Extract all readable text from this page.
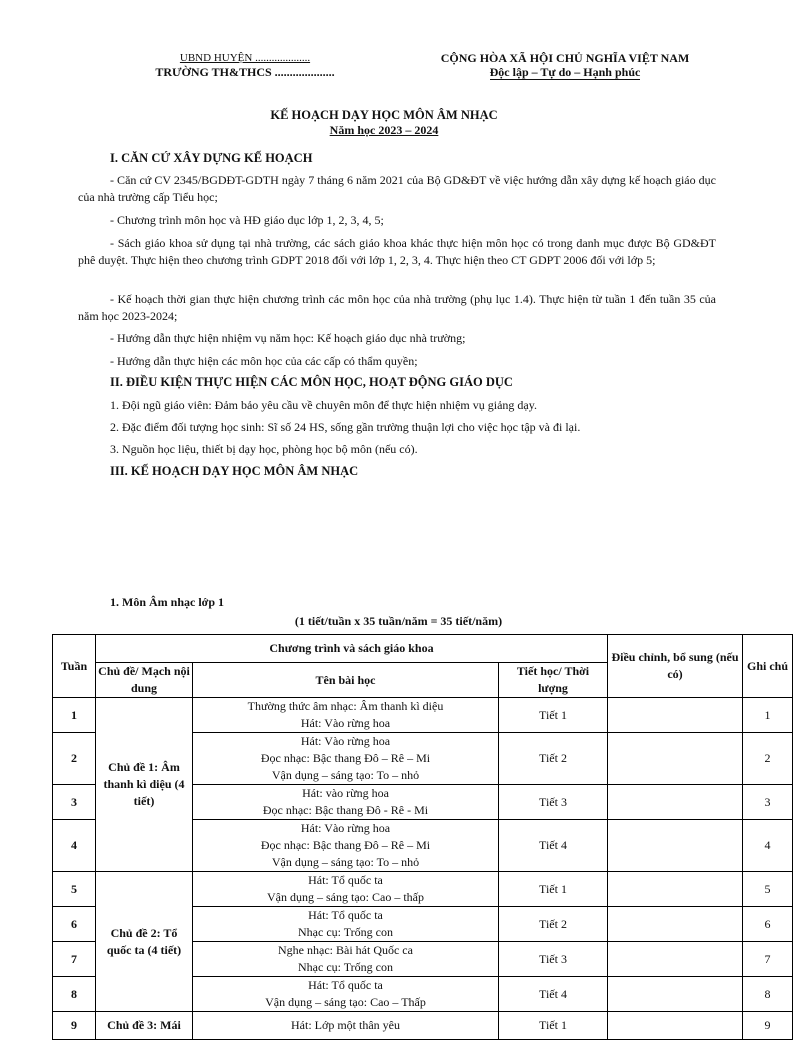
UBND HUYỆN ....................
TRƯỜNG TH&THCS ....................
CỘNG HÒA XÃ HỘI CHỦ NGHĨA VIỆT NAM
Độc lập – Tự do – Hạnh phúc
KẾ HOẠCH DẠY HỌC MÔN ÂM NHẠC
Năm học 2023 – 2024
I. CĂN CỨ XÂY DỰNG KẾ HOẠCH
- Căn cứ CV 2345/BGDĐT-GDTH ngày 7 tháng 6 năm 2021 của Bộ GD&ĐT về việc hướng dẫn xây dựng kế hoạch giáo dục của nhà trường cấp Tiểu học;
- Chương trình môn học và HĐ giáo dục lớp 1, 2, 3, 4, 5;
- Sách giáo khoa sử dụng tại nhà trường, các sách giáo khoa khác thực hiện môn học có trong danh mục được Bộ GD&ĐT phê duyệt. Thực hiện theo chương trình GDPT 2018 đối với lớp 1, 2, 3, 4. Thực hiện theo CT GDPT 2006 đối với lớp 5;
- Kế hoạch thời gian thực hiện chương trình các môn học của nhà trường (phụ lục 1.4). Thực hiện từ tuần 1 đến tuần 35 của năm học 2023-2024;
- Hướng dẫn thực hiện nhiệm vụ năm học: Kế hoạch giáo dục nhà trường;
- Hướng dẫn thực hiện các môn học của các cấp có thẩm quyền;
II. ĐIỀU KIỆN THỰC HIỆN CÁC MÔN HỌC, HOẠT ĐỘNG GIÁO DỤC
1. Đội ngũ giáo viên: Đảm bảo yêu cầu về chuyên môn để thực hiện nhiệm vụ giảng dạy.
2. Đặc điểm đối tượng học sinh: Sĩ số 24 HS, sống gần trường thuận lợi cho việc học tập và đi lại.
3. Nguồn học liệu, thiết bị dạy học, phòng học bộ môn (nếu có).
III. KẾ HOẠCH DẠY HỌC MÔN ÂM NHẠC
1. Môn Âm nhạc lớp 1
(1 tiết/tuần x 35 tuần/năm = 35 tiết/năm)
Tuần	Chương trình và sách giáo khoa			Điều chỉnh, bổ sung (nếu có)	Ghi chú
	Chủ đề/ Mạch nội dung	Tên bài học	Tiết học/ Thời lượng		
1	Chủ đề 1: Âm thanh kì diệu (4 tiết)	Thường thức âm nhạc: Âm thanh kì diệu
Hát: Vào rừng hoa	Tiết 1		1
2		Hát: Vào rừng hoa
Đọc nhạc: Bậc thang Đô – Rê – Mi
Vận dụng – sáng tạo: To – nhỏ	Tiết 2		2
3		Hát: vào rừng hoa
Đọc nhạc: Bậc thang Đô - Rê - Mi	Tiết 3		3
4		Hát: Vào rừng hoa
Đọc nhạc: Bậc thang Đô – Rê – Mi
Vận dụng – sáng tạo: To – nhỏ	Tiết 4		4
5	Chủ đề 2: Tổ quốc ta (4 tiết)	Hát: Tổ quốc ta
Vận dụng – sáng tạo: Cao – thấp	Tiết 1		5
6		Hát: Tổ quốc ta
Nhạc cụ: Trống con	Tiết 2		6
7		Nghe nhạc: Bài hát Quốc ca
Nhạc cụ: Trống con	Tiết 3		7
8		Hát: Tổ quốc ta
Vận dụng – sáng tạo: Cao – Thấp	Tiết 4		8
9	Chủ đề 3: Mái	Hát: Lớp một thân yêu	Tiết 1		9
